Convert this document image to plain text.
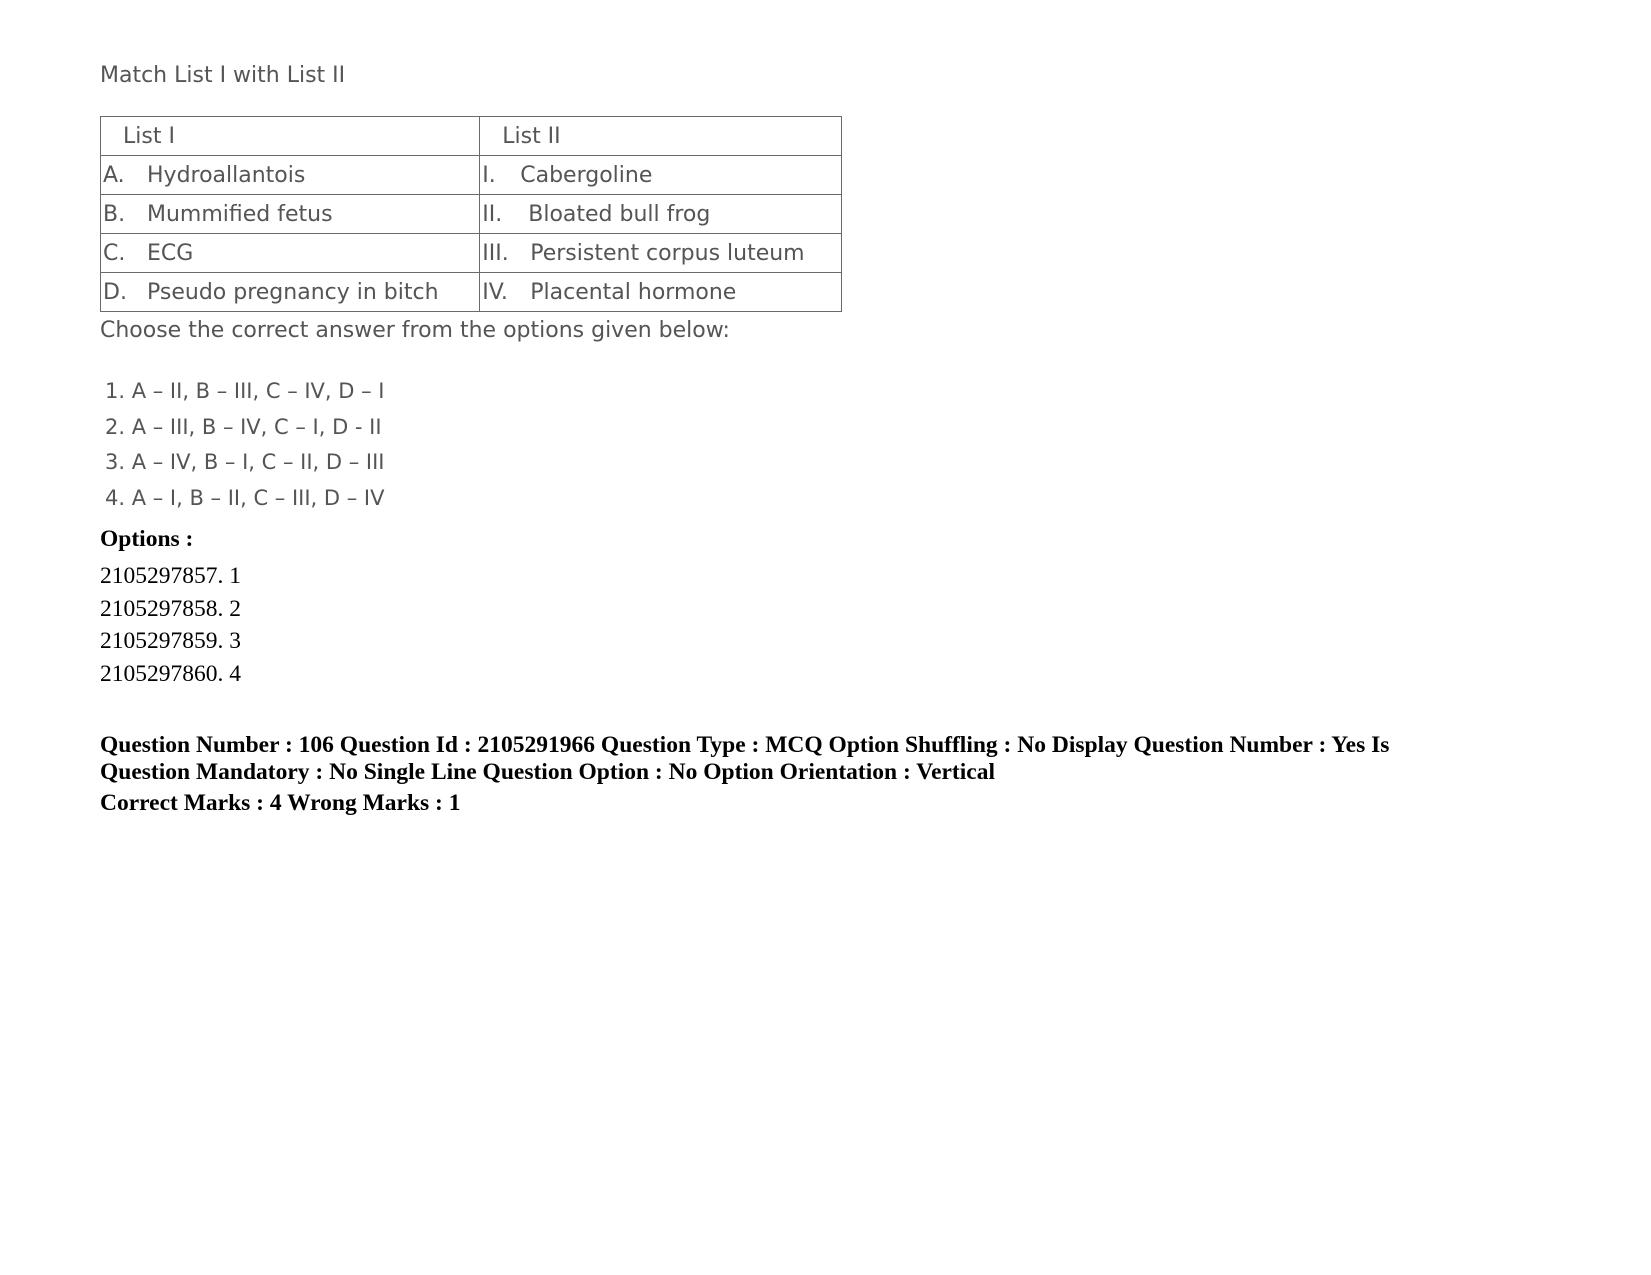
Match List I with List II

List I	List II
A. Hydroallantois	I. Cabergoline
B. Mummified fetus	II. Bloated bull frog
C. ECG	III. Persistent corpus luteum
D. Pseudo pregnancy in bitch	IV. Placental hormone

Choose the correct answer from the options given below:

1. A – II, B – III, C – IV, D – I
2. A – III, B – IV, C – I, D - II
3. A – IV, B – I, C – II, D – III
4. A – I, B – II, C – III, D – IV
Options :
2105297857. 1
2105297858. 2
2105297859. 3
2105297860. 4

Question Number : 106 Question Id : 2105291966 Question Type : MCQ Option Shuffling : No Display Question Number : Yes Is Question Mandatory : No Single Line Question Option : No Option Orientation : Vertical

Correct Marks : 4 Wrong Marks : 1
